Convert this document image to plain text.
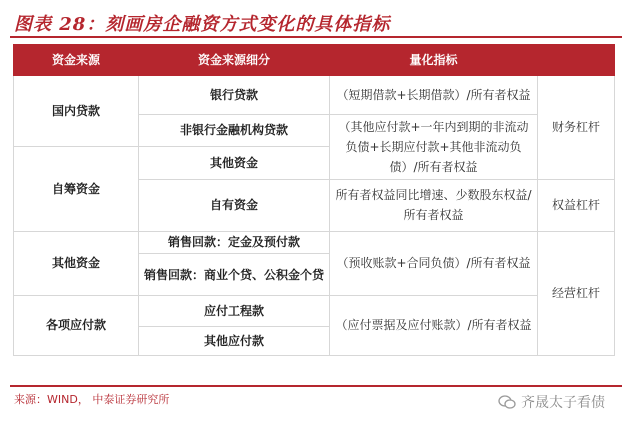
图表 28：刻画房企融资方式变化的具体指标
资金来源	资金来源细分	量化指标	
国内贷款	银行贷款	（短期借款+长期借款）/所有者权益	财务杠杆
	非银行金融机构贷款	（其他应付款+一年内到期的非流动负债+长期应付款+其他非流动负债）/所有者权益	
自筹资金	其他资金		
	自有资金	所有者权益同比增速、少数股东权益/所有者权益	权益杠杆
其他资金	销售回款：定金及预付款	（预收账款+合同负债）/所有者权益	经营杠杆
	销售回款：商业个贷、公积金个贷		
各项应付款	应付工程款	（应付票据及应付账款）/所有者权益	
	其他应付款		
来源：WIND， 中泰证券研究所	齐晟太子看债
